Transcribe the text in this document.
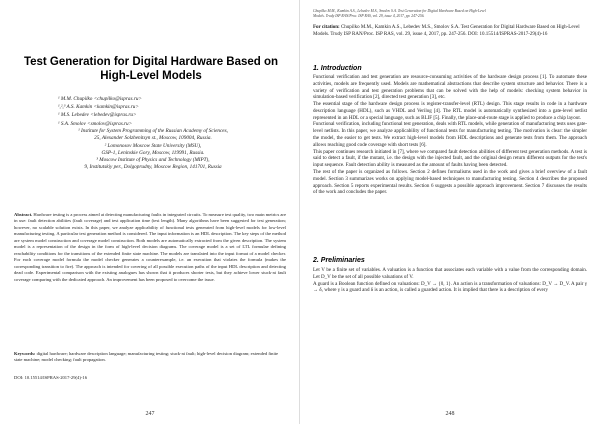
Test Generation for Digital Hardware Based on High-Level Models
¹ M.M. Chupilko <chupilko@ispras.ru>
¹,²,³ A.S. Kamkin <kamkin@ispras.ru>
¹ M.S. Lebedev <lebedev@ispras.ru>
¹ S.A. Smolov <smolov@ispras.ru>
¹ Institute for System Programming of the Russian Academy of Sciences,
25, Alexander Solzhenitsyn st., Moscow, 109004, Russia.
² Lomonosov Moscow State University (MSU),
GSP-1, Leninskie Gory, Moscow, 119991, Russia.
³ Moscow Institute of Physics and Technology (MIPT),
9, Institutskiy per., Dolgoprudny, Moscow Region, 141701, Russia
Abstract. Hardware testing is a process aimed at detecting manufacturing faults in integrated circuits. To measure test quality, two main metrics are in use: fault detection abilities (fault coverage) and test application time (test length). Many algorithms have been suggested for test generation; however, no scalable solution exists. In this paper, we analyze applicability of functional tests generated from high-level models for low-level manufacturing testing. A particular test generation method is considered. The input information is an HDL description. The key steps of the method are system model construction and coverage model construction. Both models are automatically extracted from the given description. The system model is a representation of the design in the form of high-level decision diagrams. The coverage model is a set of LTL formulae defining reachability conditions for the transitions of the extended finite state machine. The models are translated into the input format of a model checker. For each coverage model formula the model checker generates a counterexample, i.e. an execution that violates the formula (makes the corresponding transition to fire). The approach is intended for covering of all possible execution paths of the input HDL description and detecting dead code. Experimental comparison with the existing analogues has shown that it produces shorter tests, but they achieve lower stuck-at fault coverage comparing with the dedicated approach. An improvement has been proposed to overcome the issue.
Keywords: digital hardware; hardware description language; manufacturing testing; stuck-at fault; high-level decision diagram; extended finite state machine; model checking; fault propagation.
DOI: 10.15514/ISPRAS-2017-29(4)-16
247
Chupilko M.M., Kamkin A.S., Lebedev M.S., Smolov S.A. Test Generation for Digital Hardware Based on High-Level
Models. Trudy ISP RAN/Proc. ISP RAS, vol. 29, issue 4, 2017, pp. 247-256.
For citation: Chupilko M.M., Kamkin A.S., Lebedev M.S., Smolov S.A. Test Generation for Digital Hardware Based on High-Level Models. Trudy ISP RAN/Proc. ISP RAS, vol. 29, issue 4, 2017, pp. 247-256. DOI: 10.15514/ISPRAS-2017-29(4)-16
1. Introduction

Functional verification and test generation are resource-consuming activities of the hardware design process [1]. To automate these activities, models are frequently used. Models are mathematical abstractions that describe system structure and behavior. There is a variety of verification and test generation problems that can be solved with the help of models: checking system behavior in simulation-based verification [2], directed test generation [3], etc.

The essential stage of the hardware design process is register-transfer-level (RTL) design. This stage results in code in a hardware description language (HDL), such as VHDL and Verilog [4]. The RTL model is automatically synthesized into a gate-level netlist represented in an HDL or a special language, such as BLIF [5]. Finally, the place-and-route stage is applied to produce a chip layout.

Functional verification, including functional test generation, deals with RTL models, while generation of manufacturing tests uses gate-level netlists. In this paper, we analyze applicability of functional tests for manufacturing testing. The motivation is clear: the simpler the model, the easier to get tests. We extract high-level models from HDL descriptions and generate tests from them. The approach allows reaching good code coverage with short tests [6].

This paper continues research initiated in [7], where we compared fault detection abilities of different test generation methods. A test is said to detect a fault, if the mutant, i.e. the design with the injected fault, and the original design return different outputs for the test's input sequence. Fault detection ability is measured as the amount of faults having been detected.

The rest of the paper is organized as follows. Section 2 defines formalisms used in the work and gives a brief overview of a fault model. Section 3 summarizes works on applying model-based techniques to manufacturing testing. Section 4 describes the proposed approach. Section 5 reports experimental results. Section 6 suggests a possible approach improvement. Section 7 discusses the results of the work and concludes the paper.

2. Preliminaries

Let V be a finite set of variables. A valuation is a function that associates each variable with a value from the corresponding domain. Let D_V be the set of all possible valuations of V.

A guard is a Boolean function defined on valuations: D_V → {0, 1}. An action is a transformation of valuations: D_V → D_V. A pair γ → δ, where γ is a guard and δ is an action, is called a guarded action. It is implied that there is a description of every

248
